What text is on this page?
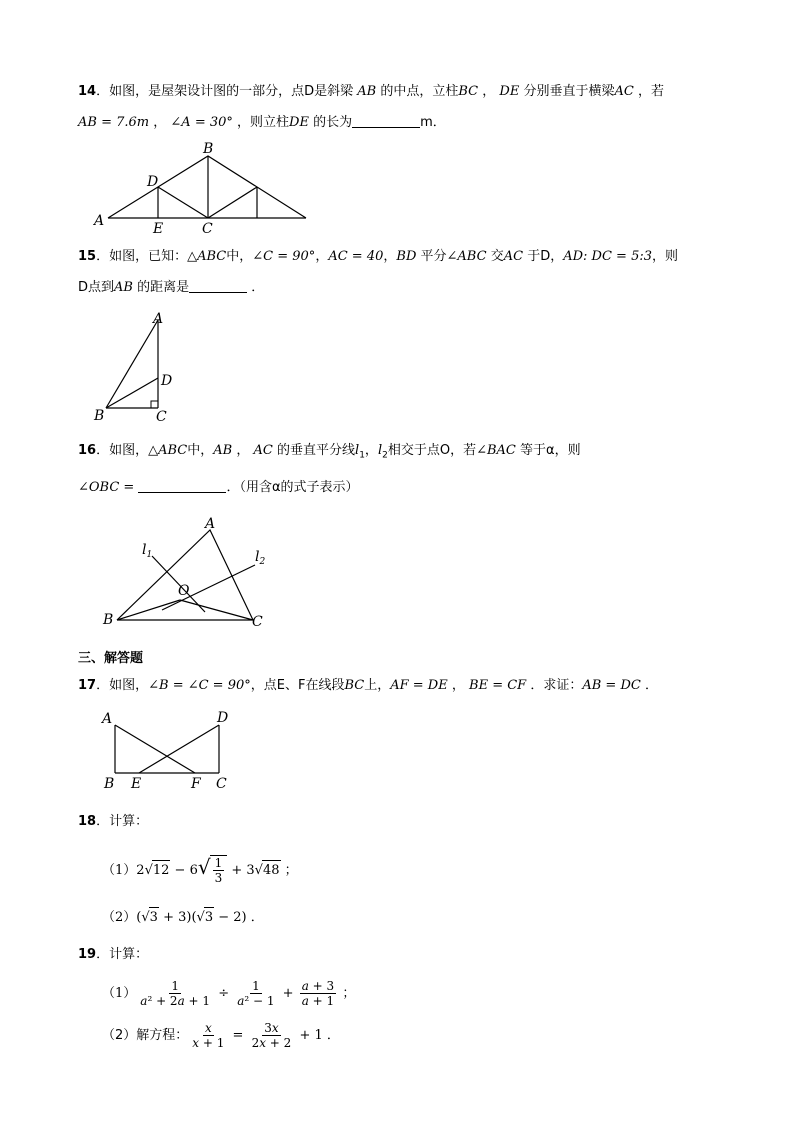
14．如图，是屋架设计图的一部分，点D是斜梁 AB 的中点，立柱BC ， DE 分别垂直于横梁AC ，若
AB = 7.6m ， ∠A = 30° ，则立柱DE 的长为	m．
A
B
D
E	C
15．如图，已知：△ABC中，∠C = 90°，AC = 40，BD 平分∠ABC 交AC 于D，AD: DC = 5:3，则
D点到AB 的距离是	．
A
D
B	C
16．如图，△ABC中，AB ， AC 的垂直平分线$l_1$，$l_2$相交于点O，若∠BAC 等于α，则
∠OBC =	．（用含α的式子表示）
A
B	C
O
$l_1$	$l_2$
三、解答题
17．如图，∠B = ∠C = 90°，点E、F在线段BC上，AF = DE ， BE = CF ．求证：AB = DC ．
A	D
B E	F C
18．计算：
$(1)2√12 - 6√ \frac{1}{3} + 3√48$ ；
（2）(√3 + 3)(√3 − 2) ．
19．计算：
$(1) \frac{1}{\text{a² + 2a + 1}} \div \frac{1}{\text{a² − 1}} + \frac{a + 3}{a + 1}$ ；
（2）解方程： $\frac{x}{x + 1} = \frac{3x}{2x + 2} + 1$ ．
